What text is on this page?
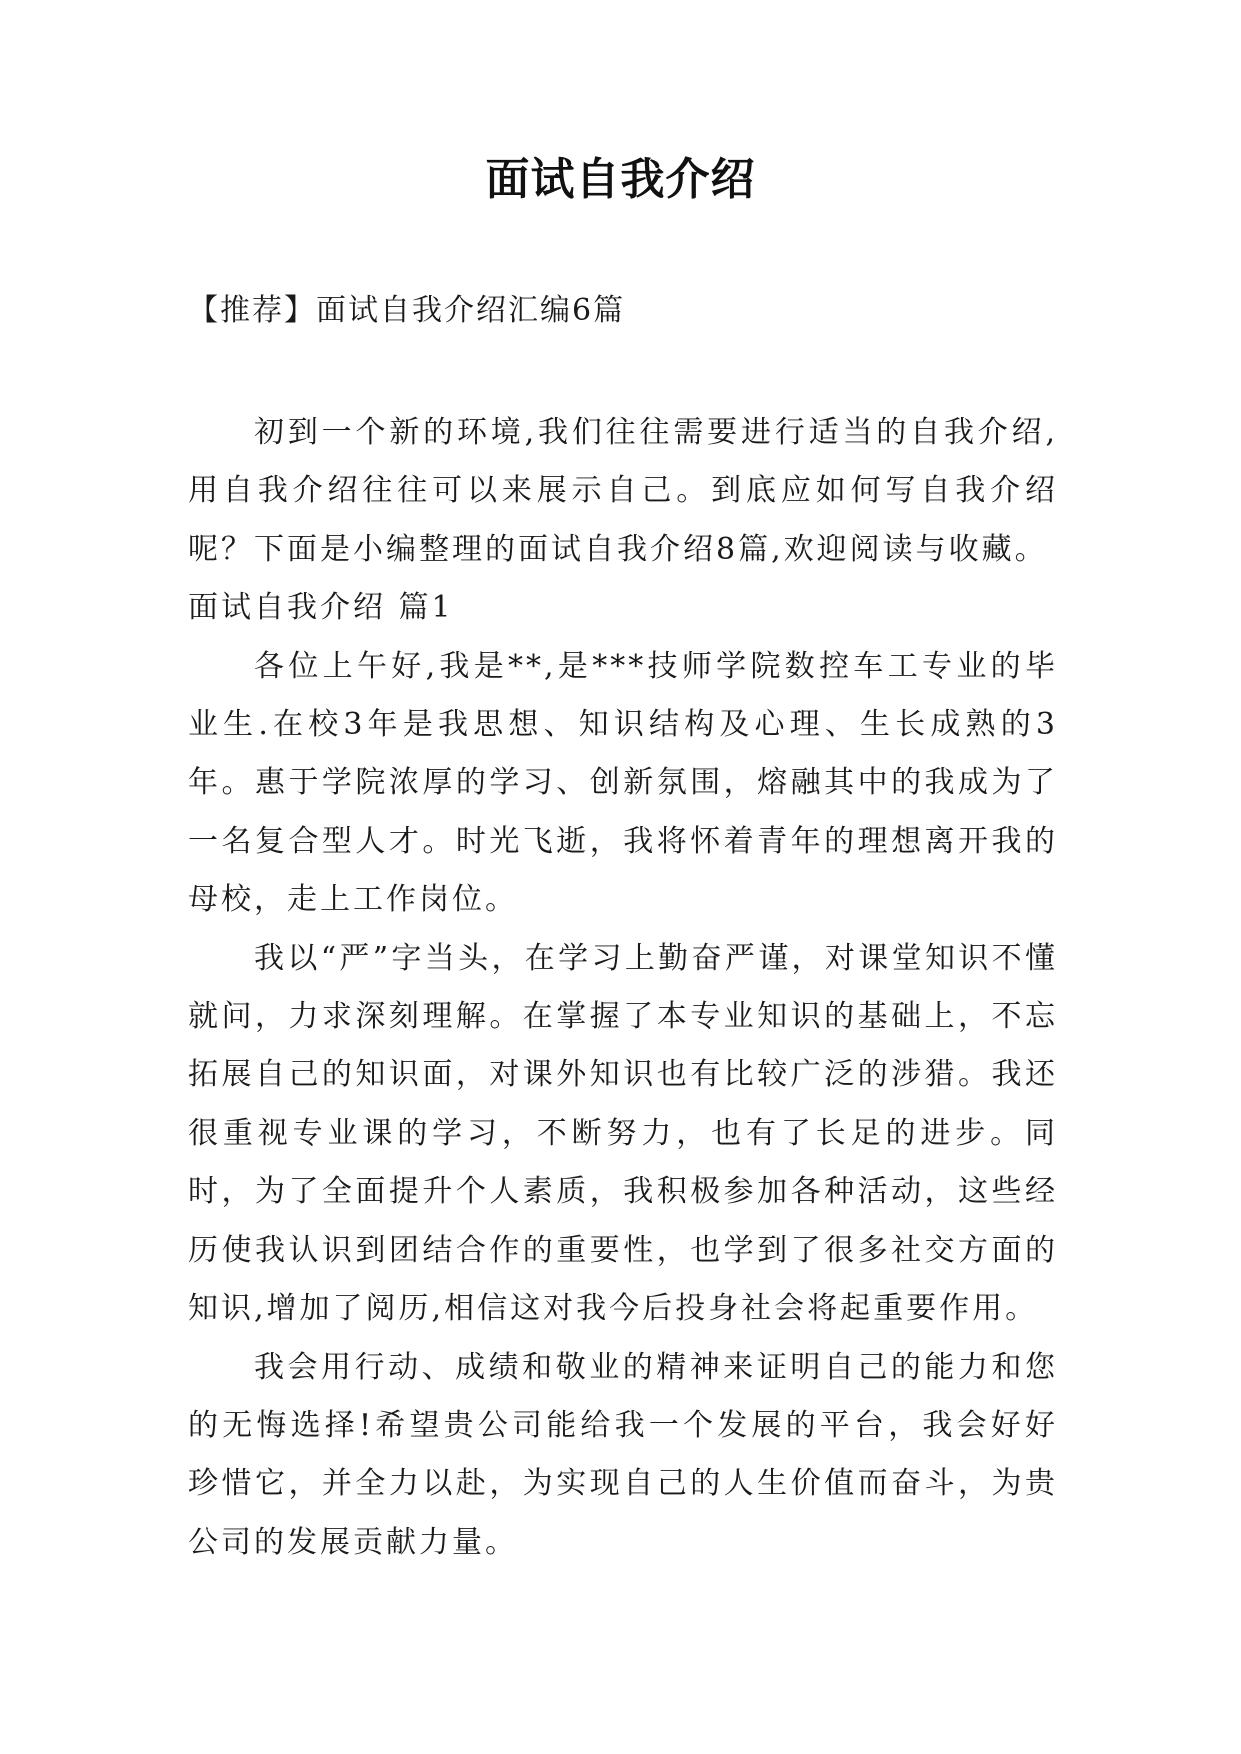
面试自我介绍
【推荐】面试自我介绍汇编6篇

初到一个新的环境,我们往往需要进行适当的自我介绍,用自我介绍往往可以来展示自己。到底应如何写自我介绍呢？下面是小编整理的面试自我介绍8篇,欢迎阅读与收藏。

面试自我介绍 篇1

各位上午好,我是**,是***技师学院数控车工专业的毕业生.在校3年是我思想、知识结构及心理、生长成熟的3年。惠于学院浓厚的学习、创新氛围，熔融其中的我成为了一名复合型人才。时光飞逝，我将怀着青年的理想离开我的母校，走上工作岗位。

我以“严”字当头，在学习上勤奋严谨，对课堂知识不懂就问，力求深刻理解。在掌握了本专业知识的基础上，不忘拓展自己的知识面，对课外知识也有比较广泛的涉猎。我还很重视专业课的学习，不断努力，也有了长足的进步。同时，为了全面提升个人素质，我积极参加各种活动，这些经历使我认识到团结合作的重要性，也学到了很多社交方面的知识,增加了阅历,相信这对我今后投身社会将起重要作用。

我会用行动、成绩和敬业的精神来证明自己的能力和您的无悔选择!希望贵公司能给我一个发展的平台，我会好好珍惜它，并全力以赴，为实现自己的人生价值而奋斗，为贵公司的发展贡献力量。
